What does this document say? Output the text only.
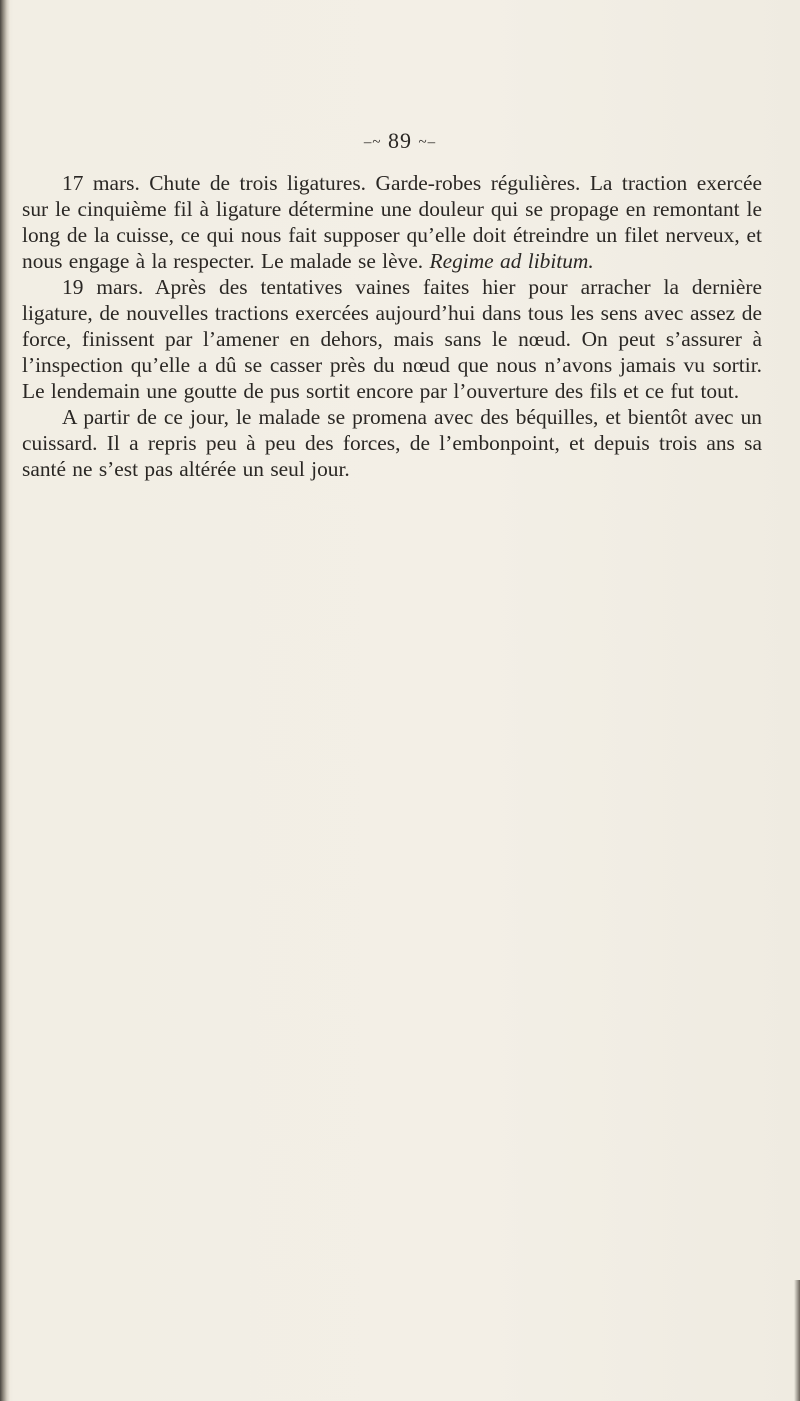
–~ 89 ~–

17 mars. Chute de trois ligatures. Garde-robes régulières. La traction exercée sur le cinquième fil à ligature détermine une douleur qui se propage en remontant le long de la cuisse, ce qui nous fait supposer qu’elle doit étreindre un filet nerveux, et nous engage à la respecter. Le malade se lève. Regime ad libitum.

19 mars. Après des tentatives vaines faites hier pour arracher la dernière ligature, de nouvelles tractions exercées aujourd’hui dans tous les sens avec assez de force, finissent par l’amener en dehors, mais sans le nœud. On peut s’assurer à l’inspection qu’elle a dû se casser près du nœud que nous n’avons jamais vu sortir. Le lendemain une goutte de pus sortit encore par l’ouverture des fils et ce fut tout.

A partir de ce jour, le malade se promena avec des béquilles, et bientôt avec un cuissard. Il a repris peu à peu des forces, de l’embonpoint, et depuis trois ans sa santé ne s’est pas altérée un seul jour.
